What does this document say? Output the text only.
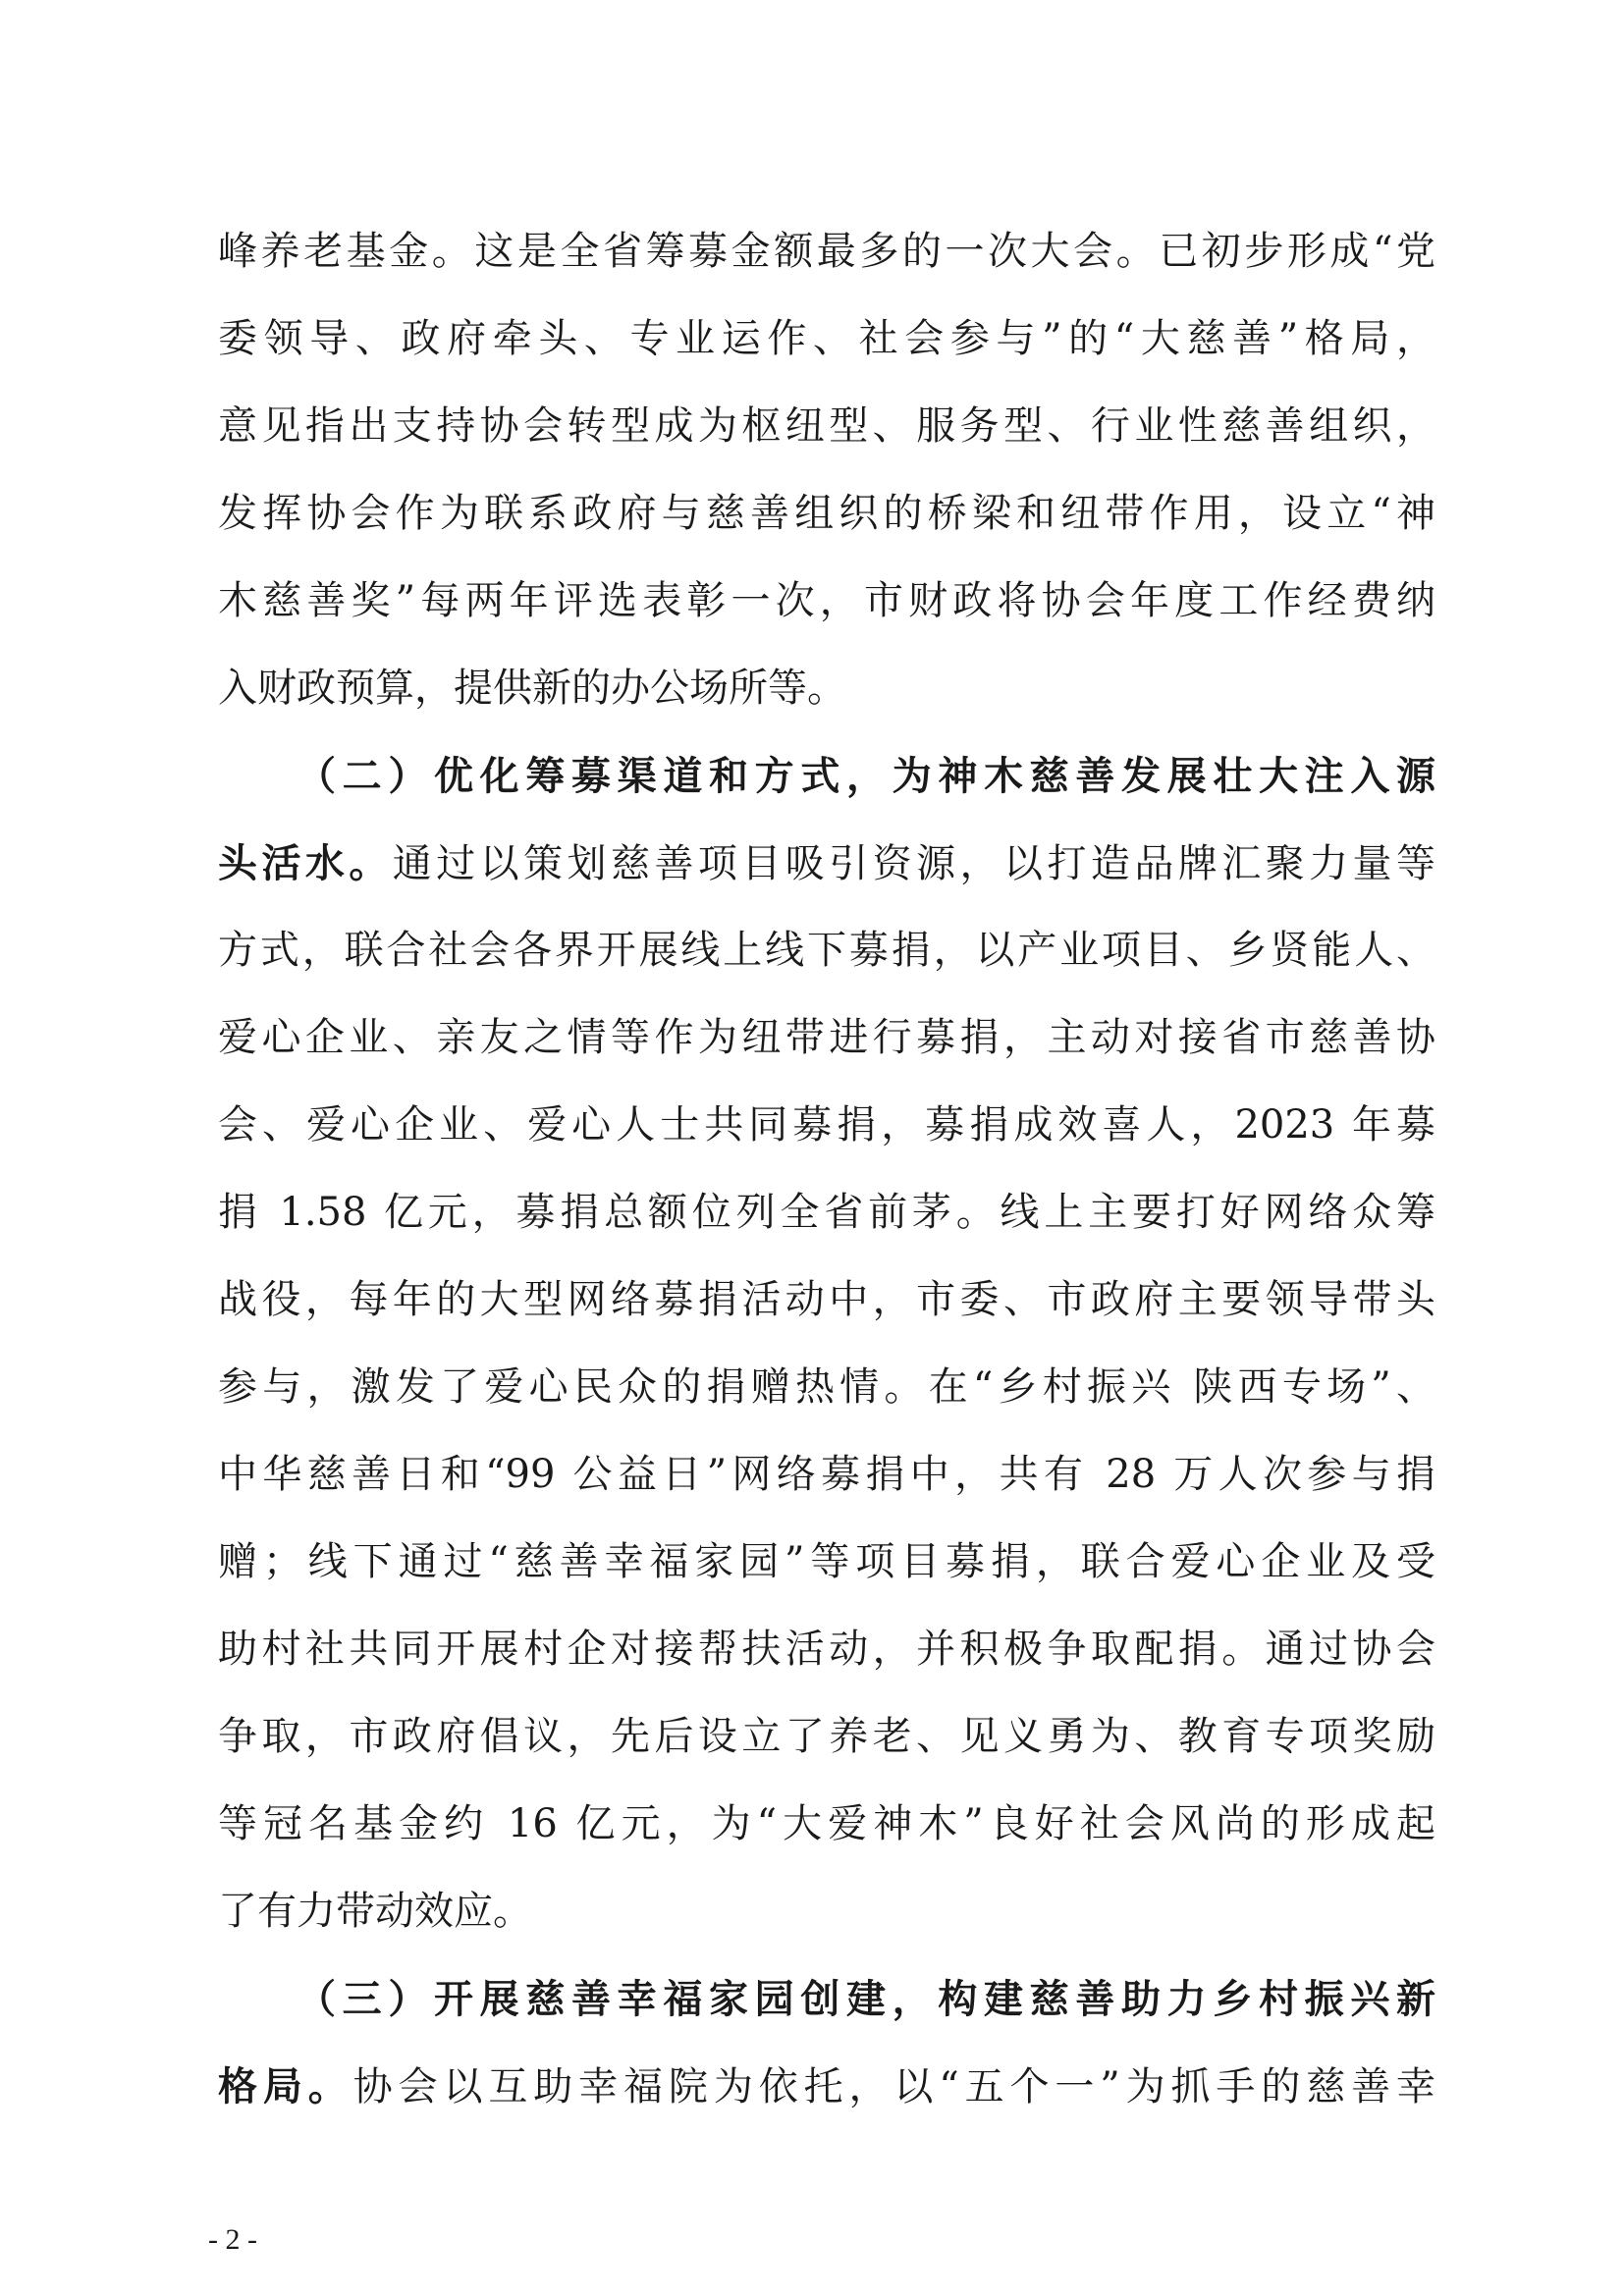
峰养老基金。这是全省筹募金额最多的一次大会。已初步形成“党
委领导、政府牵头、专业运作、社会参与”的“大慈善”格局，
意见指出支持协会转型成为枢纽型、服务型、行业性慈善组织，
发挥协会作为联系政府与慈善组织的桥梁和纽带作用，设立“神
木慈善奖”每两年评选表彰一次，市财政将协会年度工作经费纳
入财政预算，提供新的办公场所等。
（二）优化筹募渠道和方式，为神木慈善发展壮大注入源
头活水。通过以策划慈善项目吸引资源，以打造品牌汇聚力量等
方式，联合社会各界开展线上线下募捐，以产业项目、乡贤能人、
爱心企业、亲友之情等作为纽带进行募捐，主动对接省市慈善协
会、爱心企业、爱心人士共同募捐，募捐成效喜人，2023 年募
捐 1.58 亿元，募捐总额位列全省前茅。线上主要打好网络众筹
战役，每年的大型网络募捐活动中，市委、市政府主要领导带头
参与，激发了爱心民众的捐赠热情。在“乡村振兴 陕西专场”、
中华慈善日和“99 公益日”网络募捐中，共有 28 万人次参与捐
赠；线下通过“慈善幸福家园”等项目募捐，联合爱心企业及受
助村社共同开展村企对接帮扶活动，并积极争取配捐。通过协会
争取，市政府倡议，先后设立了养老、见义勇为、教育专项奖励
等冠名基金约 16 亿元，为“大爱神木”良好社会风尚的形成起
了有力带动效应。
（三）开展慈善幸福家园创建，构建慈善助力乡村振兴新
格局。协会以互助幸福院为依托，以“五个一”为抓手的慈善幸
- 2 -
